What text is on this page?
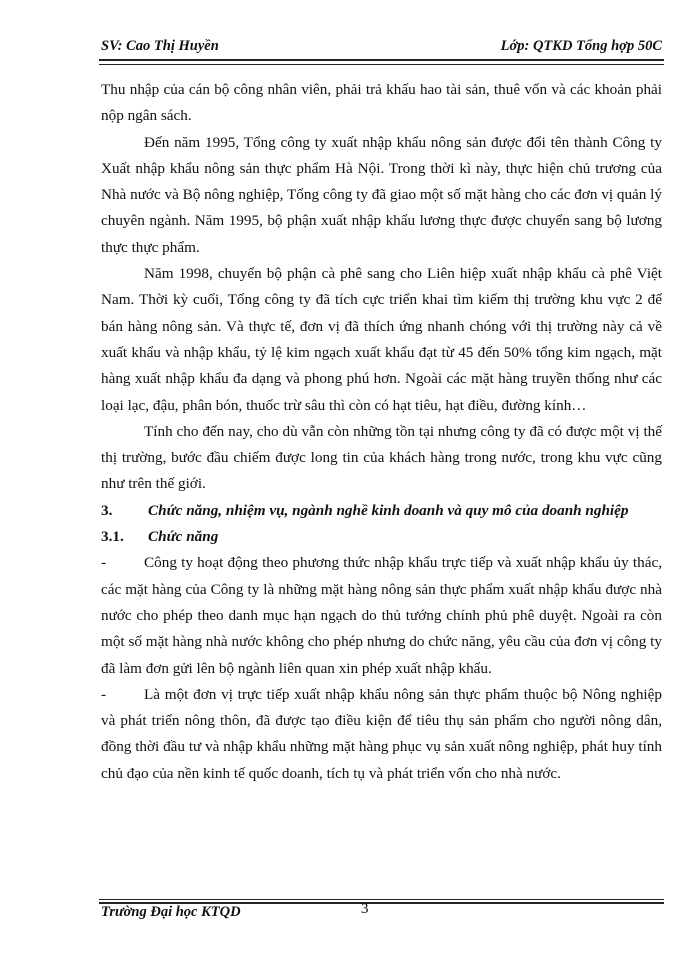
SV: Cao Thị Huyền	Lớp: QTKD Tổng hợp 50C

Thu nhập của cán bộ công nhân viên, phải trả khấu hao tài sản, thuê vốn và các khoản phải nộp ngân sách.

Đến năm 1995, Tổng công ty xuất nhập khẩu nông sản được đổi tên thành Công ty Xuất nhập khẩu nông sản thực phẩm Hà Nội. Trong thời kì này, thực hiện chủ trương của Nhà nước và Bộ nông nghiệp, Tổng công ty đã giao một số mặt hàng cho các đơn vị quản lý chuyên ngành. Năm 1995, bộ phận xuất nhập khẩu lương thực được chuyển sang bộ lương thực thực phẩm.

Năm 1998, chuyển bộ phận cà phê sang cho Liên hiệp xuất nhập khẩu cà phê Việt Nam. Thời kỳ cuối, Tổng công ty đã tích cực triển khai tìm kiếm thị trường khu vực 2 để bán hàng nông sản. Và thực tế, đơn vị đã thích ứng nhanh chóng với thị trường này cả về xuất khẩu và nhập khẩu, tỷ lệ kim ngạch xuất khẩu đạt từ 45 đến 50% tổng kim ngạch, mặt hàng xuất nhập khẩu đa dạng và phong phú hơn. Ngoài các mặt hàng truyền thống như các loại lạc, đậu, phân bón, thuốc trừ sâu thì còn có hạt tiêu, hạt điều, đường kính…

Tính cho đến nay, cho dù vẫn còn những tồn tại nhưng công ty đã có được một vị thế thị trường, bước đầu chiếm được long tin của khách hàng trong nước, trong khu vực cũng như trên thế giới.

3.	Chức năng, nhiệm vụ, ngành nghề kinh doanh và quy mô của doanh nghiệp
3.1.	Chức năng

- Công ty hoạt động theo phương thức nhập khẩu trực tiếp và xuất nhập khẩu ủy thác, các mặt hàng của Công ty là những mặt hàng nông sản thực phẩm xuất nhập khẩu được nhà nước cho phép theo danh mục hạn ngạch do thủ tướng chính phủ phê duyệt. Ngoài ra còn một số mặt hàng nhà nước không cho phép nhưng do chức năng, yêu cầu của đơn vị công ty đã làm đơn gửi lên bộ ngành liên quan xin phép xuất nhập khẩu.

- Là một đơn vị trực tiếp xuất nhập khẩu nông sản thực phẩm thuộc bộ Nông nghiệp và phát triển nông thôn, đã được tạo điều kiện để tiêu thụ sản phẩm cho người nông dân, đồng thời đầu tư và nhập khẩu những mặt hàng phục vụ sản xuất nông nghiệp, phát huy tính chủ đạo của nền kinh tế quốc doanh, tích tụ và phát triển vốn cho nhà nước.

Trường Đại học KTQD	3
